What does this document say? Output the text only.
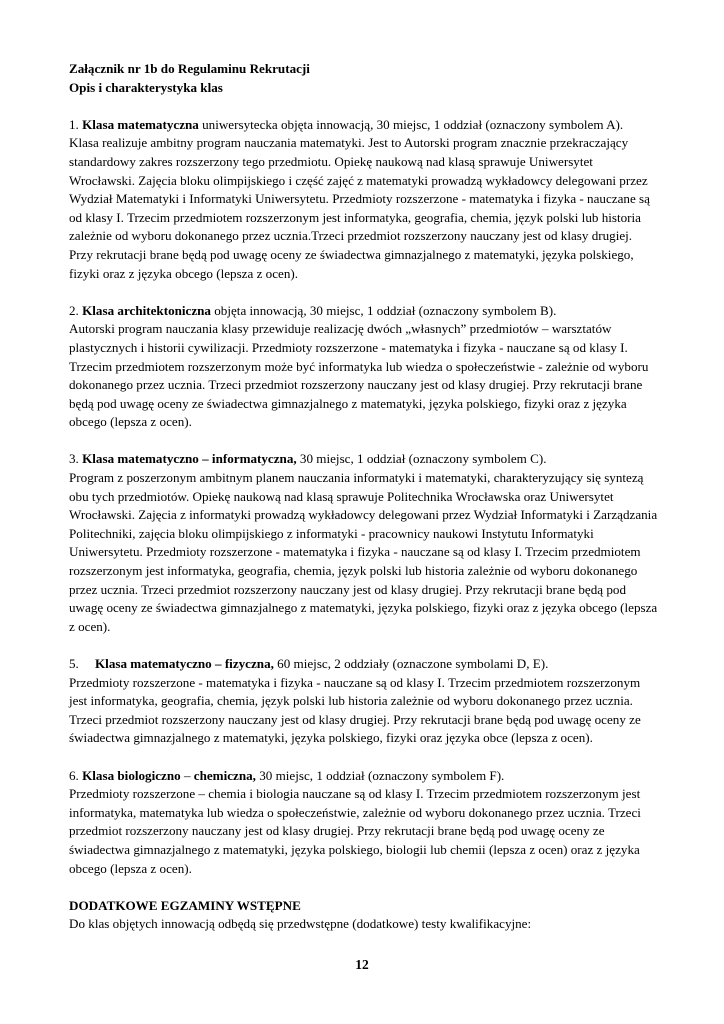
Załącznik nr 1b do Regulaminu Rekrutacji
Opis i charakterystyka klas
1. Klasa matematyczna uniwersytecka objęta innowacją, 30 miejsc, 1 oddział (oznaczony symbolem A).
Klasa realizuje ambitny program nauczania matematyki. Jest to Autorski program znacznie przekraczający standardowy zakres rozszerzony tego przedmiotu. Opiekę naukową nad klasą sprawuje Uniwersytet Wrocławski. Zajęcia bloku olimpijskiego i część zajęć z matematyki prowadzą wykładowcy delegowani przez Wydział Matematyki i Informatyki Uniwersytetu. Przedmioty rozszerzone - matematyka i fizyka - nauczane są od klasy I. Trzecim przedmiotem rozszerzonym jest informatyka, geografia, chemia, język polski lub historia zależnie od wyboru dokonanego przez ucznia.Trzeci przedmiot rozszerzony nauczany jest od klasy drugiej. Przy rekrutacji brane będą pod uwagę oceny ze świadectwa gimnazjalnego z matematyki, języka polskiego, fizyki oraz z języka obcego (lepsza z ocen).
2. Klasa architektoniczna objęta innowacją, 30 miejsc, 1 oddział (oznaczony symbolem B).
Autorski program nauczania klasy przewiduje realizację dwóch „własnych” przedmiotów – warsztatów plastycznych i historii cywilizacji. Przedmioty rozszerzone - matematyka i fizyka - nauczane są od klasy I. Trzecim przedmiotem rozszerzonym może być informatyka lub wiedza o społeczeństwie - zależnie od wyboru dokonanego przez ucznia. Trzeci przedmiot rozszerzony nauczany jest od klasy drugiej. Przy rekrutacji brane będą pod uwagę oceny ze świadectwa gimnazjalnego z matematyki, języka polskiego, fizyki oraz z języka obcego (lepsza z ocen).
3. Klasa matematyczno – informatyczna, 30 miejsc, 1 oddział (oznaczony symbolem C).
Program z poszerzonym ambitnym planem nauczania informatyki i matematyki, charakteryzujący się syntezą obu tych przedmiotów. Opiekę naukową nad klasą sprawuje Politechnika Wrocławska oraz Uniwersytet Wrocławski. Zajęcia z informatyki prowadzą wykładowcy delegowani przez Wydział Informatyki i Zarządzania Politechniki, zajęcia bloku olimpijskiego z informatyki - pracownicy naukowi Instytutu Informatyki Uniwersytetu. Przedmioty rozszerzone - matematyka i fizyka - nauczane są od klasy I. Trzecim przedmiotem rozszerzonym jest informatyka, geografia, chemia, język polski lub historia zależnie od wyboru dokonanego przez ucznia. Trzeci przedmiot rozszerzony nauczany jest od klasy drugiej. Przy rekrutacji brane będą pod uwagę oceny ze świadectwa gimnazjalnego z matematyki, języka polskiego, fizyki oraz z języka obcego (lepsza z ocen).
5. Klasa matematyczno – fizyczna, 60 miejsc, 2 oddziały (oznaczone symbolami D, E).
Przedmioty rozszerzone - matematyka i fizyka - nauczane są od klasy I. Trzecim przedmiotem rozszerzonym jest informatyka, geografia, chemia, język polski lub historia zależnie od wyboru dokonanego przez ucznia. Trzeci przedmiot rozszerzony nauczany jest od klasy drugiej. Przy rekrutacji brane będą pod uwagę oceny ze świadectwa gimnazjalnego z matematyki, języka polskiego, fizyki oraz języka obce (lepsza z ocen).
6. Klasa biologiczno – chemiczna, 30 miejsc, 1 oddział (oznaczony symbolem F).
Przedmioty rozszerzone – chemia i biologia nauczane są od klasy I. Trzecim przedmiotem rozszerzonym jest informatyka, matematyka lub wiedza o społeczeństwie, zależnie od wyboru dokonanego przez ucznia. Trzeci przedmiot rozszerzony nauczany jest od klasy drugiej. Przy rekrutacji brane będą pod uwagę oceny ze świadectwa gimnazjalnego z matematyki, języka polskiego, biologii lub chemii (lepsza z ocen) oraz z języka obcego (lepsza z ocen).
DODATKOWE EGZAMINY WSTĘPNE
Do klas objętych innowacją odbędą się przedwstępne (dodatkowe) testy kwalifikacyjne:
12
